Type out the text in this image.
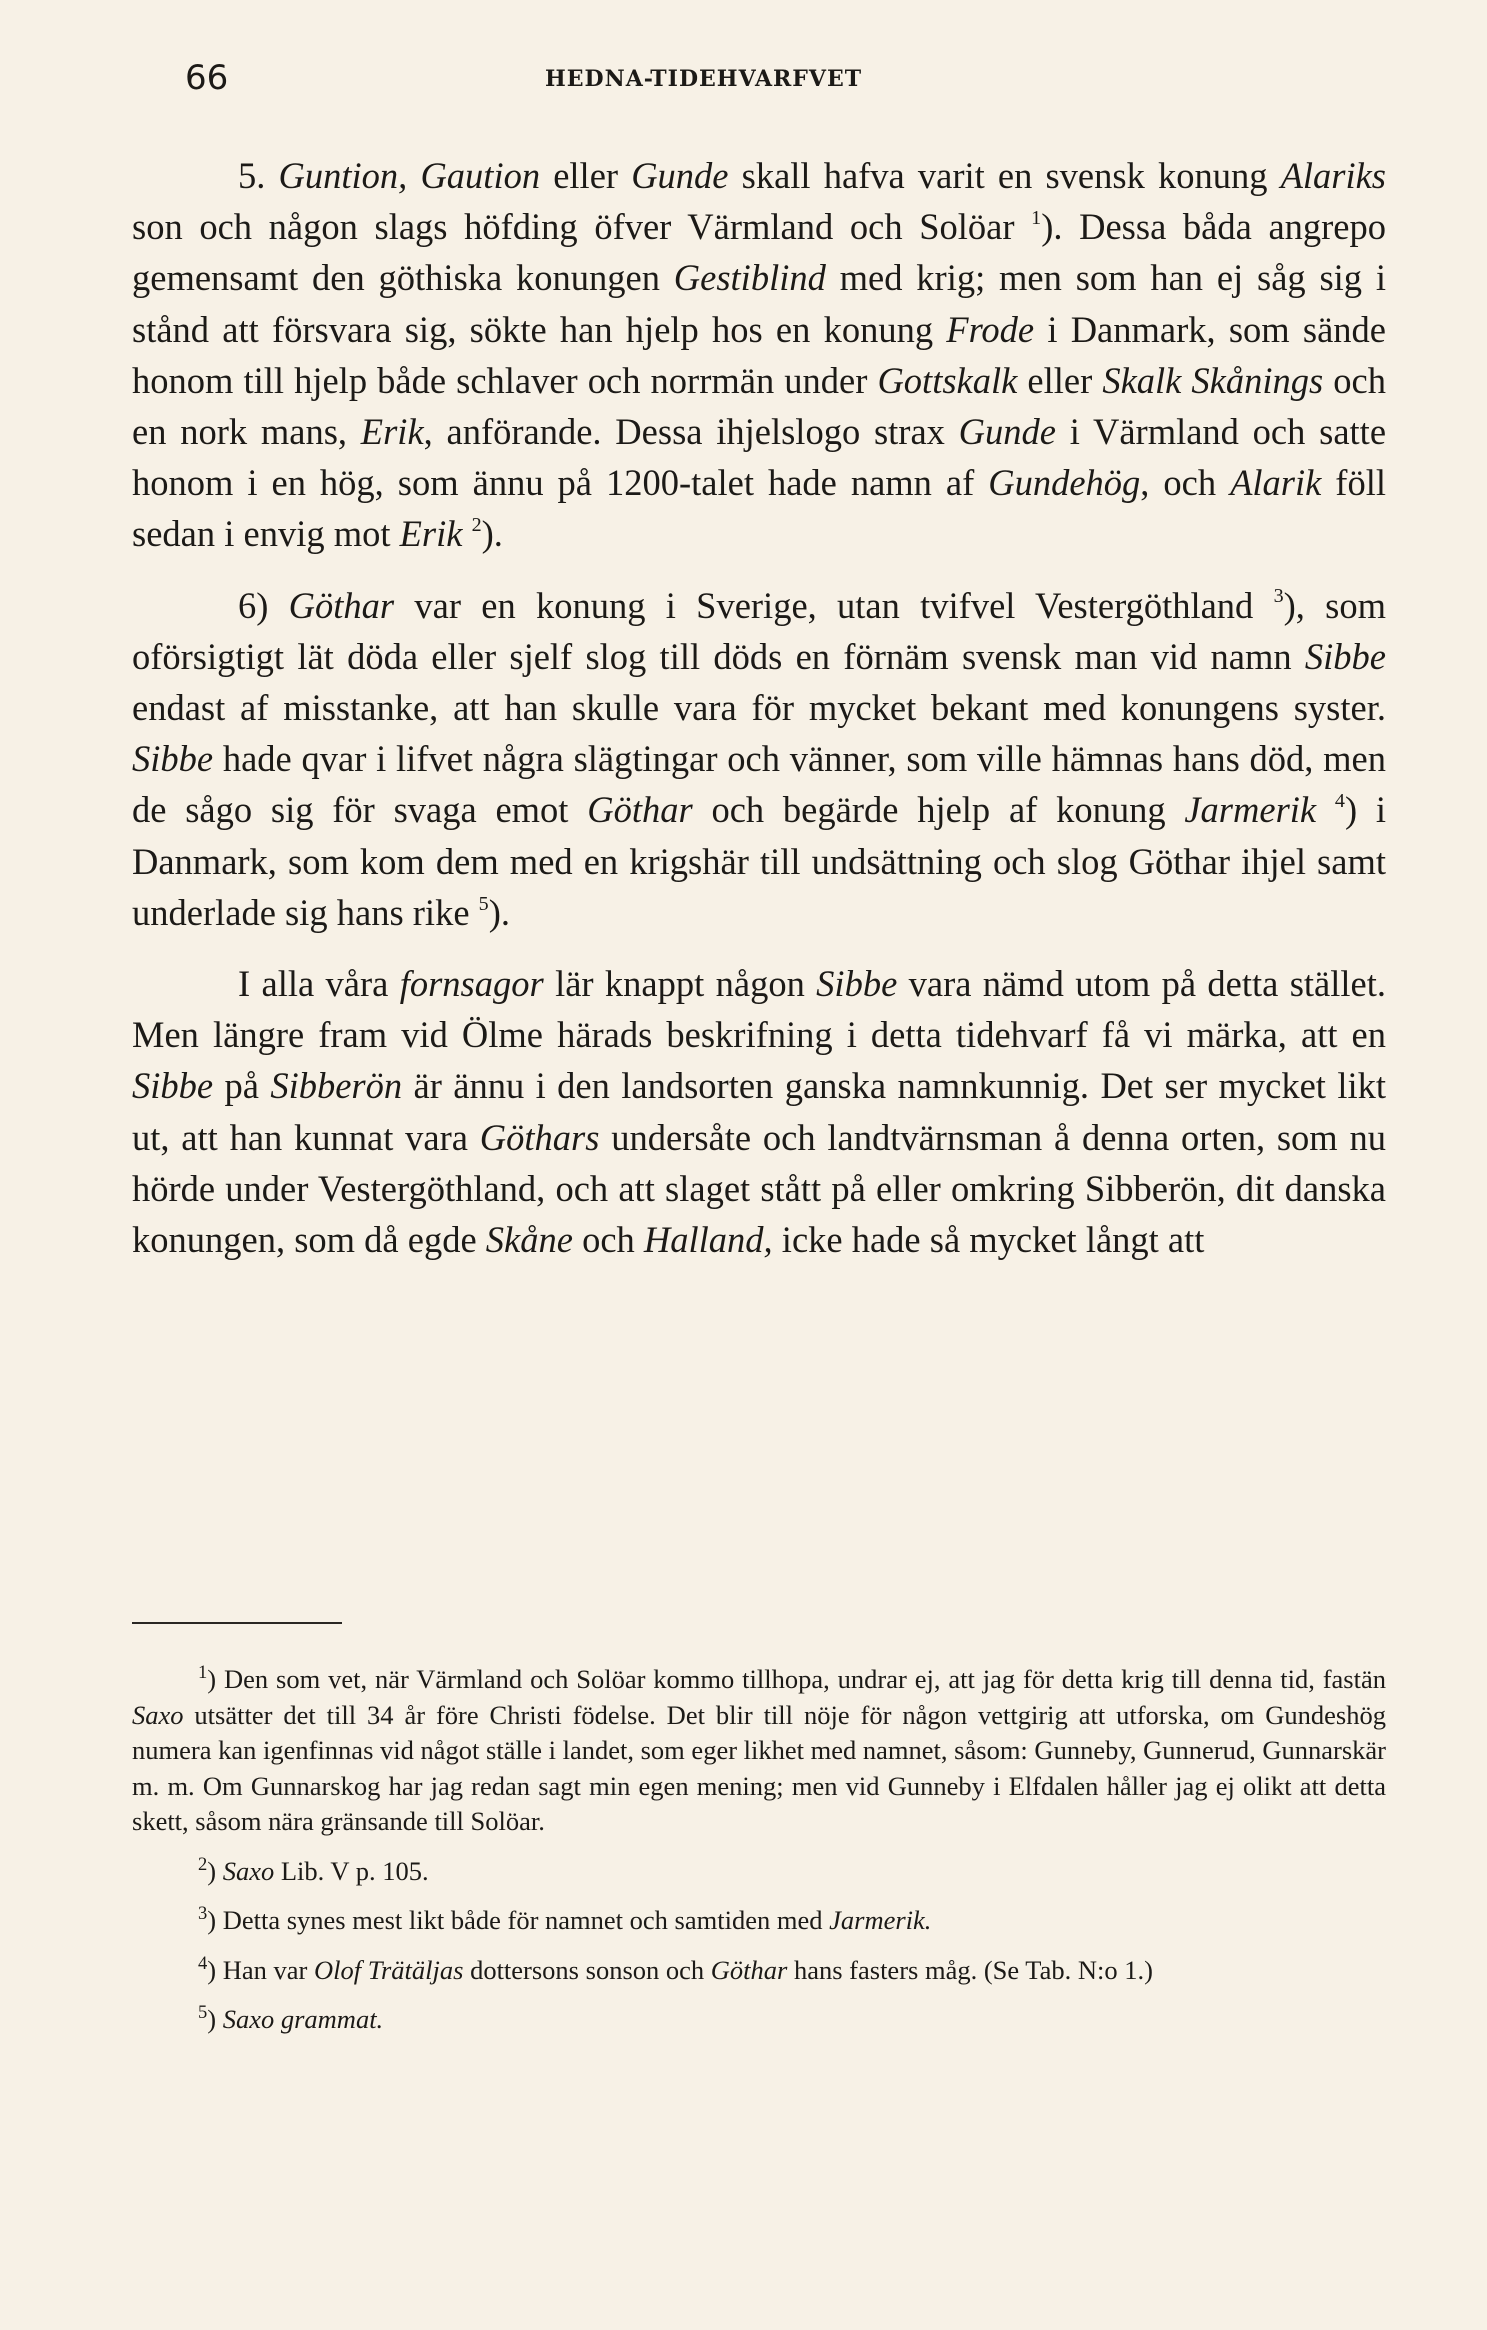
66	HEDNA-TIDEHVARFVET

5. Guntion, Gaution eller Gunde skall hafva varit en svensk konung Alariks son och någon slags höfding öfver Värmland och Solöar $^1$). Dessa båda angrepo gemensamt den göthiska konungen Gestiblind med krig; men som han ej såg sig i stånd att försvara sig, sökte han hjelp hos en konung Frode i Danmark, som sände honom till hjelp både schlaver och norrmän under Gottskalk eller Skalk Skånings och en nork mans, Erik, anförande. Dessa ihjelslogo strax Gunde i Värmland och satte honom i en hög, som ännu på 1200-talet hade namn af Gundehög, och Alarik föll sedan i envig mot Erik $^2$).

6) Göthar var en konung i Sverige, utan tvifvel Vestergöthland $^3$), som oförsigtigt lät döda eller sjelf slog till döds en förnäm svensk man vid namn Sibbe endast af misstanke, att han skulle vara för mycket bekant med konungens syster. Sibbe hade qvar i lifvet några slägtingar och vänner, som ville hämnas hans död, men de sågo sig för svaga emot Göthar och begärde hjelp af konung Jarmerik $^4$) i Danmark, som kom dem med en krigshär till undsättning och slog Göthar ihjel samt underlade sig hans rike $^5$).

I alla våra fornsagor lär knappt någon Sibbe vara nämd utom på detta stället. Men längre fram vid Ölme härads beskrifning i detta tidehvarf få vi märka, att en Sibbe på Sibberön är ännu i den landsorten ganska namnkunnig. Det ser mycket likt ut, att han kunnat vara Göthars undersåte och landtvärnsman å denna orten, som nu hörde under Vestergöthland, och att slaget stått på eller omkring Sibberön, dit danska konungen, som då egde Skåne och Halland, icke hade så mycket långt att

$^1$) Den som vet, när Värmland och Solöar kommo tillhopa, undrar ej, att jag för detta krig till denna tid, fastän Saxo utsätter det till 34 år före Christi födelse. Det blir till nöje för någon vettgirig att utforska, om Gundeshög numera kan igenfinnas vid något ställe i landet, som eger likhet med namnet, såsom: Gunneby, Gunnerud, Gunnarskär m. m. Om Gunnarskog har jag redan sagt min egen mening; men vid Gunneby i Elfdalen håller jag ej olikt att detta skett, såsom nära gränsande till Solöar.

$^2$) Saxo Lib. V p. 105.

$^3$) Detta synes mest likt både för namnet och samtiden med Jarmerik.

$^4$) Han var Olof Trätäljas dottersons sonson och Göthar hans fasters måg. (Se Tab. N:o 1.)

$^5$) Saxo grammat.
